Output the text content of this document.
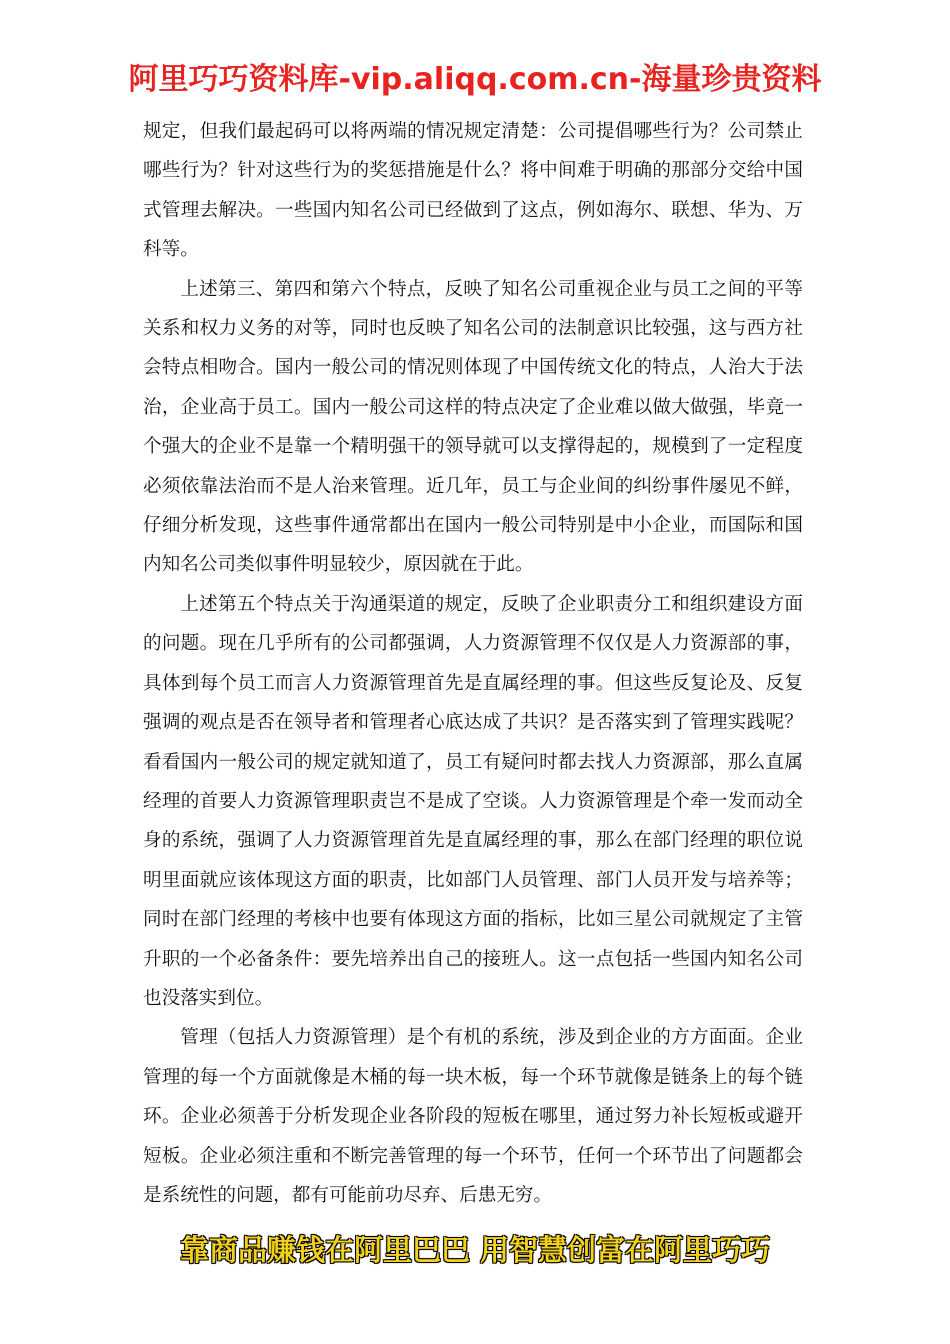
阿里巧巧资料库-vip.aliqq.com.cn-海量珍贵资料

规定，但我们最起码可以将两端的情况规定清楚：公司提倡哪些行为？公司禁止哪些行为？针对这些行为的奖惩措施是什么？将中间难于明确的那部分交给中国式管理去解决。一些国内知名公司已经做到了这点，例如海尔、联想、华为、万科等。

上述第三、第四和第六个特点，反映了知名公司重视企业与员工之间的平等关系和权力义务的对等，同时也反映了知名公司的法制意识比较强，这与西方社会特点相吻合。国内一般公司的情况则体现了中国传统文化的特点，人治大于法治，企业高于员工。国内一般公司这样的特点决定了企业难以做大做强，毕竟一个强大的企业不是靠一个精明强干的领导就可以支撑得起的，规模到了一定程度必须依靠法治而不是人治来管理。近几年，员工与企业间的纠纷事件屡见不鲜，仔细分析发现，这些事件通常都出在国内一般公司特别是中小企业，而国际和国内知名公司类似事件明显较少，原因就在于此。

上述第五个特点关于沟通渠道的规定，反映了企业职责分工和组织建设方面的问题。现在几乎所有的公司都强调，人力资源管理不仅仅是人力资源部的事，具体到每个员工而言人力资源管理首先是直属经理的事。但这些反复论及、反复强调的观点是否在领导者和管理者心底达成了共识？是否落实到了管理实践呢？看看国内一般公司的规定就知道了，员工有疑问时都去找人力资源部，那么直属经理的首要人力资源管理职责岂不是成了空谈。人力资源管理是个牵一发而动全身的系统，强调了人力资源管理首先是直属经理的事，那么在部门经理的职位说明里面就应该体现这方面的职责，比如部门人员管理、部门人员开发与培养等；同时在部门经理的考核中也要有体现这方面的指标，比如三星公司就规定了主管升职的一个必备条件：要先培养出自己的接班人。这一点包括一些国内知名公司也没落实到位。

管理（包括人力资源管理）是个有机的系统，涉及到企业的方方面面。企业管理的每一个方面就像是木桶的每一块木板，每一个环节就像是链条上的每个链环。企业必须善于分析发现企业各阶段的短板在哪里，通过努力补长短板或避开短板。企业必须注重和不断完善管理的每一个环节，任何一个环节出了问题都会是系统性的问题，都有可能前功尽弃、后患无穷。

靠商品赚钱在阿里巴巴 用智慧创富在阿里巧巧
